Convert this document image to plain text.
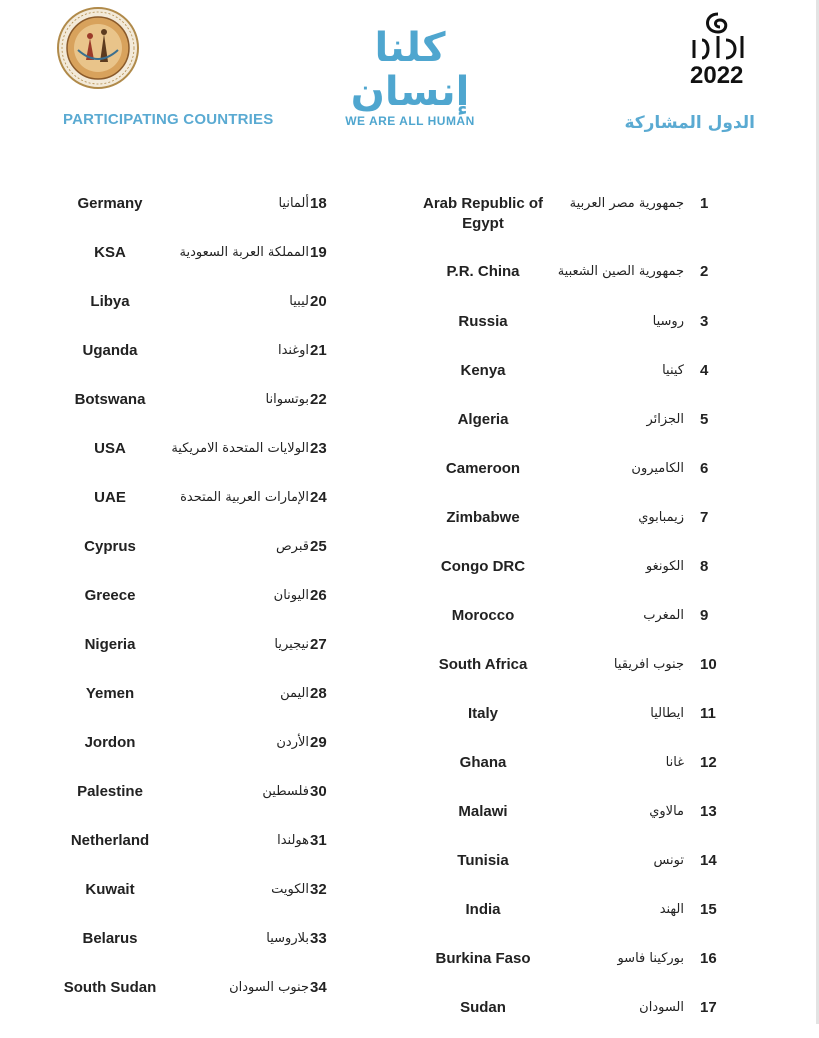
كلنا إنسان
WE ARE ALL HUMAN
2022
PARTICIPATING COUNTRIES	الدول المشاركة
Arab Republic of Egypt
جمهورية مصر العربية 1
P.R. China	جمهورية الصين الشعبية 2
Russia	روسيا 3
Kenya	كينيا 4
Algeria	الجزائر 5
Cameroon	الكاميرون 6
Zimbabwe	زيمبابوي 7
Congo DRC	الكونغو 8
Morocco	المغرب 9
South Africa	جنوب افريقيا 10
Italy	ايطاليا 11
Ghana	غانا 12
Malawi	مالاوي 13
Tunisia	تونس 14
India	الهند 15
Burkina Faso	بوركينا فاسو 16
Sudan	السودان 17
Germany	ألمانيا 18
KSA	المملكة العربة السعودية 19
Libya	ليبيا 20
Uganda	اوغندا 21
Botswana	بوتسوانا 22
USA	الولايات المتحدة الامريكية 23
UAE	الإمارات العربية المتحدة 24
Cyprus	قبرص 25
Greece	اليونان 26
Nigeria	نيجيريا 27
Yemen	اليمن 28
Jordon	الأردن 29
Palestine	فلسطين 30
Netherland	هولندا 31
Kuwait	الكويت 32
Belarus	بلاروسيا 33
South Sudan	جنوب السودان 34
